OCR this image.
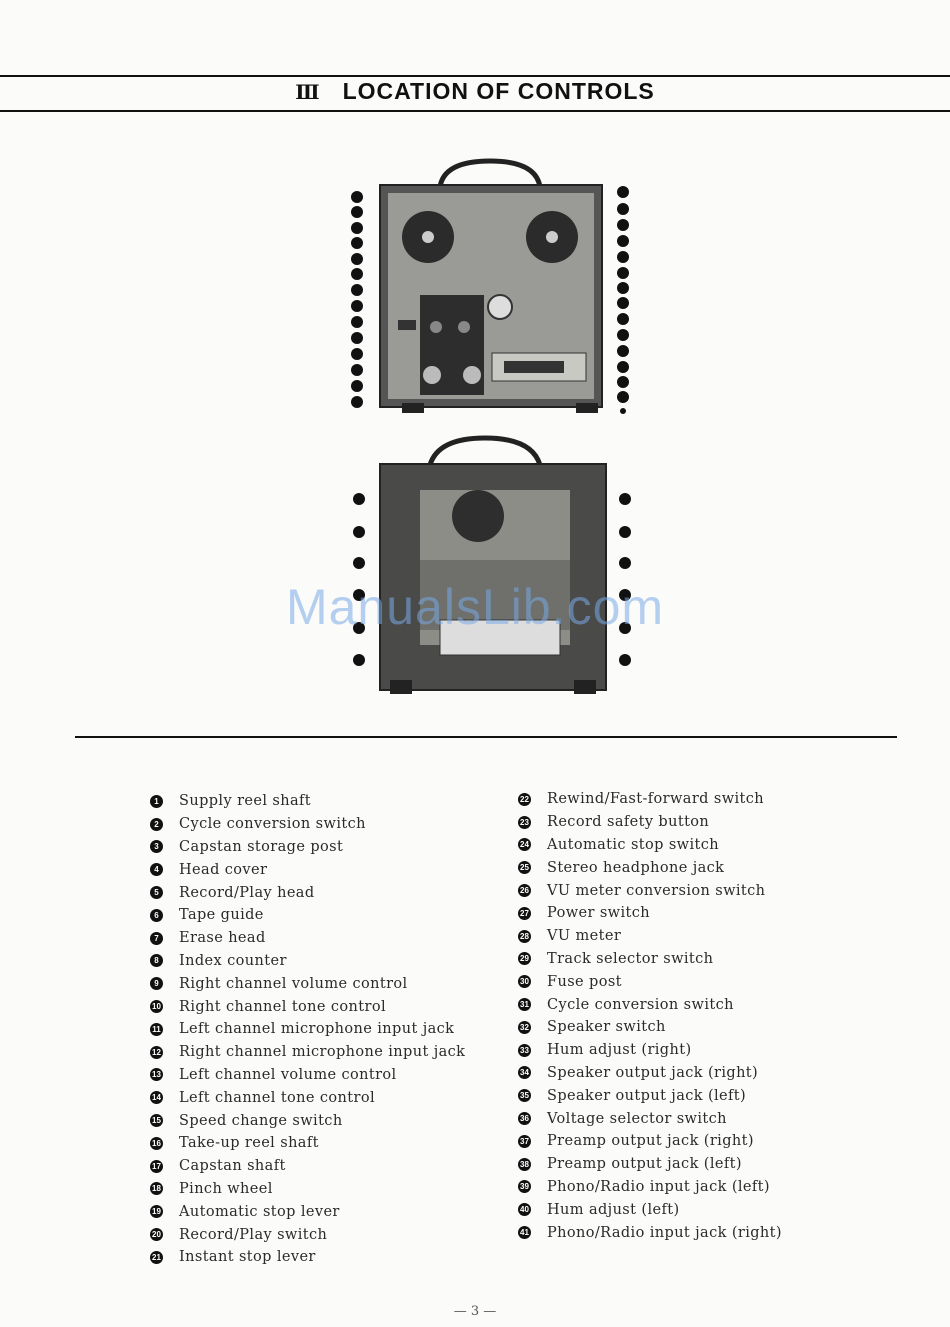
Ⅲ LOCATION OF CONTROLS
ManualsLib.com
1 Supply reel shaft
2 Cycle conversion switch
3 Capstan storage post
4 Head cover
5 Record/Play head
6 Tape guide
7 Erase head
8 Index counter
9 Right channel volume control
10 Right channel tone control
11 Left channel microphone input jack
12 Right channel microphone input jack
13 Left channel volume control
14 Left channel tone control
15 Speed change switch
16 Take-up reel shaft
17 Capstan shaft
18 Pinch wheel
19 Automatic stop lever
20 Record/Play switch
21 Instant stop lever
22 Rewind/Fast-forward switch
23 Record safety button
24 Automatic stop switch
25 Stereo headphone jack
26 VU meter conversion switch
27 Power switch
28 VU meter
29 Track selector switch
30 Fuse post
31 Cycle conversion switch
32 Speaker switch
33 Hum adjust (right)
34 Speaker output jack (right)
35 Speaker output jack (left)
36 Voltage selector switch
37 Preamp output jack (right)
38 Preamp output jack (left)
39 Phono/Radio input jack (left)
40 Hum adjust (left)
41 Phono/Radio input jack (right)
— 3 —
